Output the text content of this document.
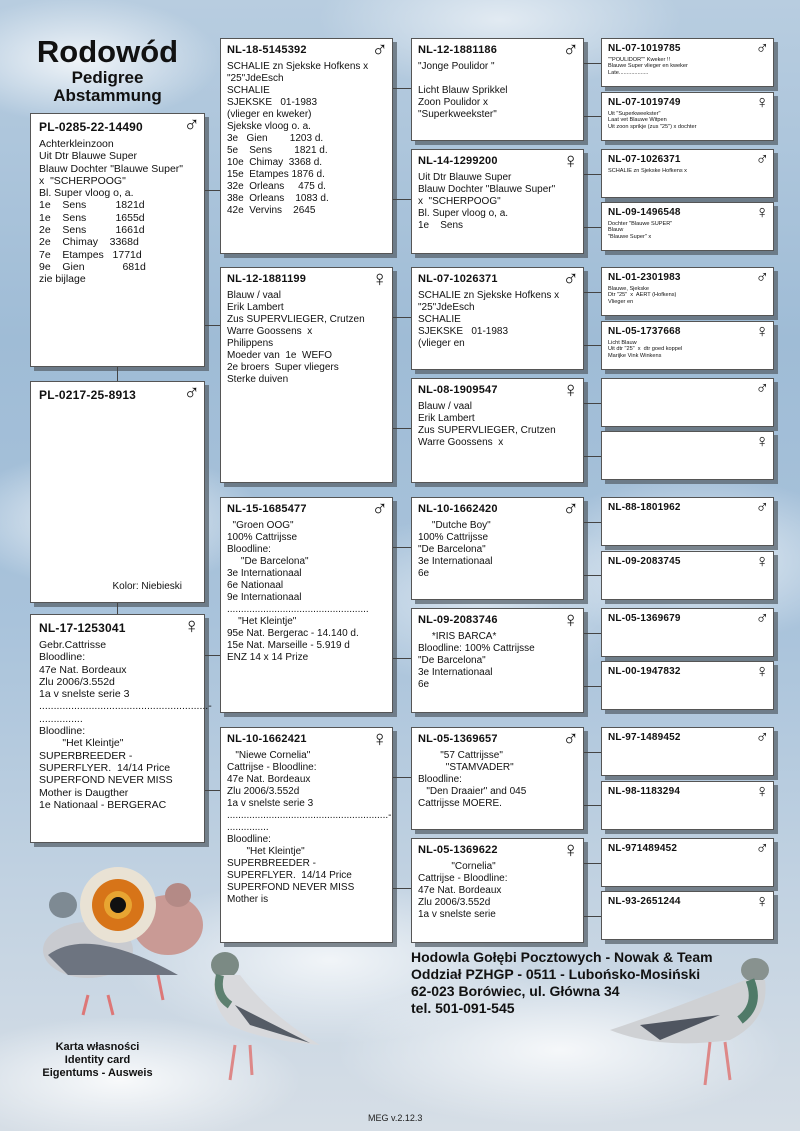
Rodowód
Pedigree
Abstammung
PL-0285-22-14490 ♂
Achterkleinzoon
Uit Dtr Blauwe Super
Blauw Dochter "Blauwe Super"
x  "SCHERPOOG"
Bl. Super vloog o, a.
1e    Sens          1821d
1e    Sens          1655d
2e    Sens          1661d
2e    Chimay    3368d
7e    Etampes   1771d
9e    Gien             681d
zie bijlage
PL-0217-25-8913 ♂
Kolor: Niebieski
NL-17-1253041	♀
Gebr.Cattrisse
Bloodline:
47e Nat. Bordeaux
Zlu 2006/3.552d
1a v snelste serie 3
..........................................................-
...............
Bloodline:
"Het Kleintje"
SUPERBREEDER -
SUPERFLYER.  14/14 Price
SUPERFOND NEVER MISS
Mother is Daugther
1e Nationaal - BERGERAC
NL-18-5145392	♂
SCHALIE zn Sjekske Hofkens x
"25"JdeEsch
SCHALIE
SJEKSKE   01-1983
(vlieger en kweker)
Sjekske vloog o. a.
3e   Gien        1203 d.
5e    Sens        1821 d.
10e  Chimay  3368 d.
15e  Etampes 1876 d.
32e  Orleans     475 d.
38e  Orleans    1083 d.
42e  Vervins    2645
NL-12-1881199	♀
Blauw / vaal
Erik Lambert
Zus SUPERVLIEGER, Crutzen
Warre Goossens  x
Philippens
Moeder van  1e  WEFO
2e broers  Super vliegers
Sterke duiven
NL-15-1685477	♂
"Groen OOG"
100% Cattrijsse
Bloodline:
"De Barcelona"
3e Internationaal
6e Nationaal
9e Internationaal
...................................................
"Het Kleintje"
95e Nat. Bergerac - 14.140 d.
15e Nat. Marseille - 5.919 d
ENZ 14 x 14 Prize
NL-10-1662421	♀
"Niewe Cornelia"
Cattrijse - Bloodline:
47e Nat. Bordeaux
Zlu 2006/3.552d
1a v snelste serie 3
..........................................................-
...............
Bloodline:
"Het Kleintje"
SUPERBREEDER -
SUPERFLYER.  14/14 Price
SUPERFOND NEVER MISS
Mother is
NL-12-1881186	♂
"Jonge Poulidor "

Licht Blauw Sprikkel
Zoon Poulidor x
"Superkweekster"
NL-14-1299200	♀
Uit Dtr Blauwe Super
Blauw Dochter "Blauwe Super"
x  "SCHERPOOG"
Bl. Super vloog o, a.
1e    Sens
NL-07-1026371	♂
SCHALIE zn Sjekske Hofkens x
"25"JdeEsch
SCHALIE
SJEKSKE   01-1983
(vlieger en
NL-08-1909547	♀
Blauw / vaal
Erik Lambert
Zus SUPERVLIEGER, Crutzen
Warre Goossens  x
NL-10-1662420	♂
"Dutche Boy"
100% Cattrijsse
"De Barcelona"
3e Internationaal
6e
NL-09-2083746	♀
*IRIS BARCA*
Bloodline: 100% Cattrijsse
"De Barcelona"
3e Internationaal
6e
NL-05-1369657	♂
"57 Cattrijsse"
"STAMVADER"
Bloodline:
"Den Draaier" and 045
Cattrijsse MOERE.
NL-05-1369622	♀
"Cornelia"
Cattrijse - Bloodline:
47e Nat. Bordeaux
Zlu 2006/3.552d
1a v snelste serie
NL-07-1019785	♂
""POULIDOR"" Kweker !!
Blauwe Super vlieger en kweker
Late...................
NL-07-1019749	♀
Uit "Superkweekster"
Laat vet Blauwe Witpen
Uit zoon sprikje (zus "25") x dochter
NL-07-1026371	♂
SCHALIE zn Sjekske Hofkens x
NL-09-1496548	♀
Dochter "Blauwe SUPER"
Blauw
"Blauwe Super" x
NL-01-2301983	♂
Blauwe, Sjekske
Dtr "25"  x  AERT (Hofkens)
Vlieger en
NL-05-1737668	♀
Licht Blauw
Uit dtr "25"  x  dtr goed koppel
Marijke Vink Winkens
♂
♀
NL-88-1801962	♂
NL-09-2083745	♀
NL-05-1369679	♂
NL-00-1947832	♀
NL-97-1489452	♂
NL-98-1183294	♀
NL-971489452	♂
NL-93-2651244	♀
Hodowla Gołębi Pocztowych - Nowak & Team
Oddział PZHGP - 0511 - Lubońsko-Mosiński
62-023 Borówiec, ul. Główna 34
tel. 501-091-545
Karta własności
Identity card
Eigentums - Ausweis
MEG v.2.12.3
